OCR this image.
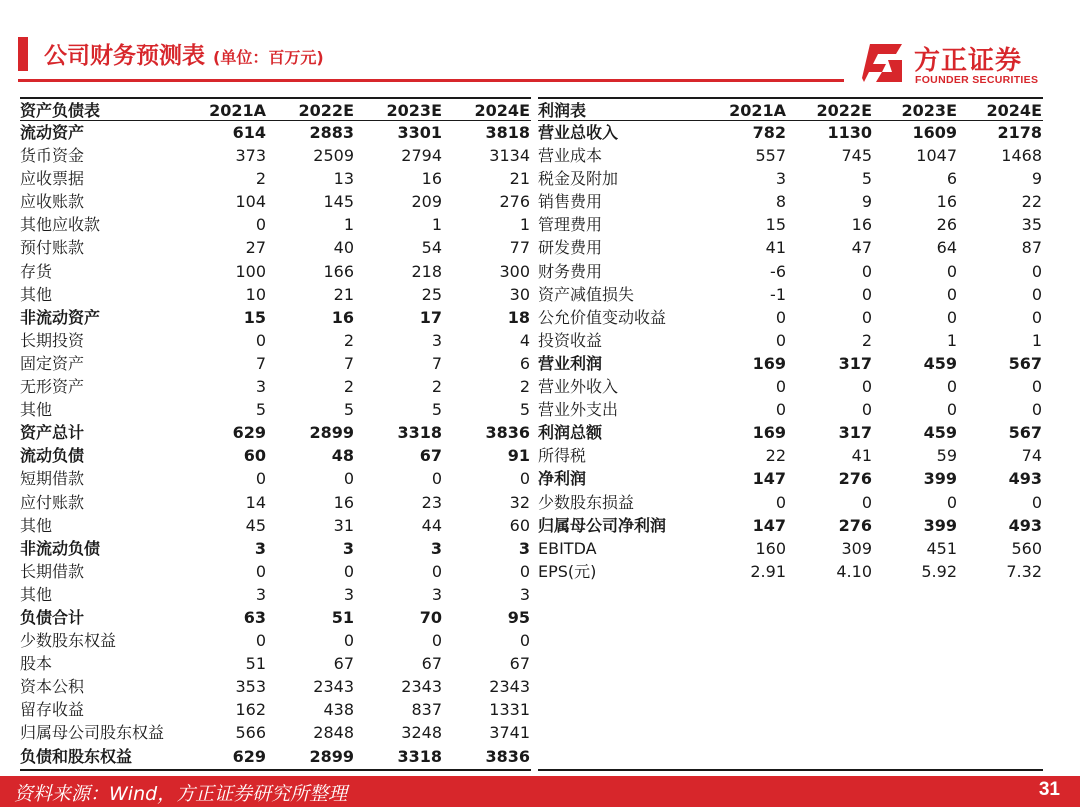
公司财务预测表 (单位：百万元)	方正证券
FOUNDER SECURITIES
资产负债表	2021A 2022E 2023E 2024E
流动资产	614	2883	3301	3818
货币资金	373	2509	2794	3134
应收票据	2	13	16	21
应收账款	104	145	209	276
其他应收款	0	1	1	1
预付账款	27	40	54	77
存货	100	166	218	300
其他	10	21	25	30
非流动资产	15	16	17	18
长期投资	0	2	3	4
固定资产	7	7	7	6
无形资产	3	2	2	2
其他	5	5	5	5
资产总计	629	2899	3318	3836
流动负债	60	48	67	91
短期借款	0	0	0	0
应付账款	14	16	23	32
其他	45	31	44	60
非流动负债	3	3	3	3
长期借款	0	0	0	0
其他	3	3	3	3
负债合计	63	51	70	95
少数股东权益	0	0	0	0
股本	51	67	67	67
资本公积	353	2343	2343	2343
留存收益	162	438	837	1331
归属母公司股东权益	566	2848	3248	3741
负债和股东权益	629	2899	3318	3836
利润表	2021A 2022E 2023E 2024E
营业总收入	782	1130	1609	2178
营业成本	557	745	1047	1468
税金及附加	3	5	6	9
销售费用	8	9	16	22
管理费用	15	16	26	35
研发费用	41	47	64	87
财务费用	-6	0	0	0
资产减值损失	-1	0	0	0
公允价值变动收益	0	0	0	0
投资收益	0	2	1	1
营业利润	169	317	459	567
营业外收入	0	0	0	0
营业外支出	0	0	0	0
利润总额	169	317	459	567
所得税	22	41	59	74
净利润	147	276	399	493
少数股东损益	0	0	0	0
归属母公司净利润	147	276	399	493
EBITDA	160	309	451	560
EPS(元)	2.91	4.10	5.92	7.32
资料来源：Wind，方正证券研究所整理	31
